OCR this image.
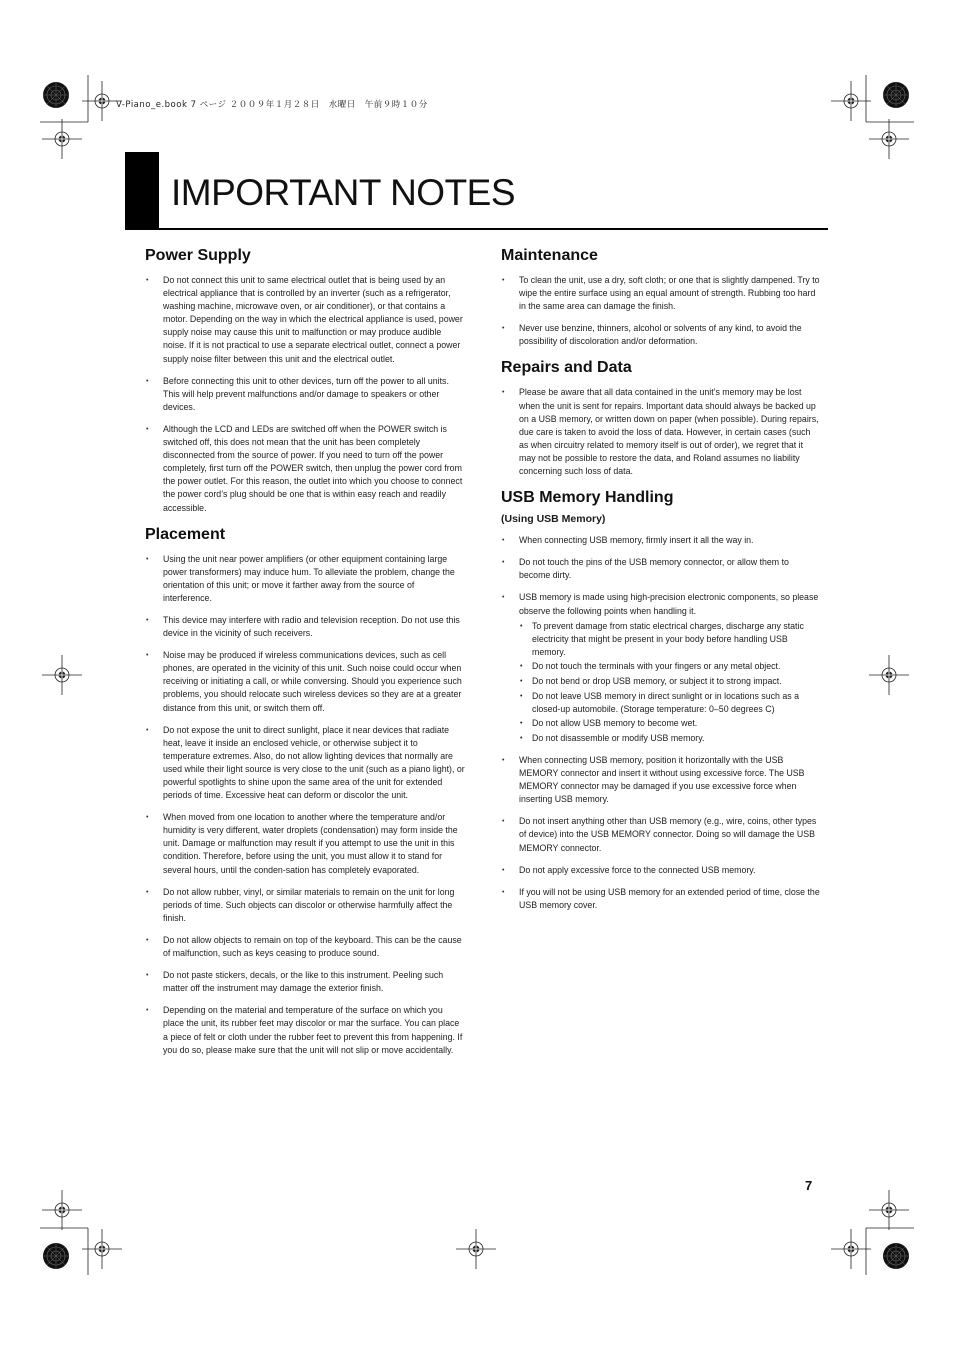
V-Piano_e.book 7 ページ ２００９年１月２８日　水曜日　午前９時１０分
IMPORTANT NOTES
Power Supply
• Do not connect this unit to same electrical outlet that is being used by an electrical appliance that is controlled by an inverter (such as a refrigerator, washing machine, microwave oven, or air conditioner), or that contains a motor. Depending on the way in which the electrical appliance is used, power supply noise may cause this unit to malfunction or may produce audible noise. If it is not practical to use a separate electrical outlet, connect a power supply noise filter between this unit and the electrical outlet.
• Before connecting this unit to other devices, turn off the power to all units. This will help prevent malfunctions and/or damage to speakers or other devices.
• Although the LCD and LEDs are switched off when the POWER switch is switched off, this does not mean that the unit has been completely disconnected from the source of power. If you need to turn off the power completely, first turn off the POWER switch, then unplug the power cord from the power outlet. For this reason, the outlet into which you choose to connect the power cord’s plug should be one that is within easy reach and readily accessible.
Placement
• Using the unit near power amplifiers (or other equipment containing large power transformers) may induce hum. To alleviate the problem, change the orientation of this unit; or move it farther away from the source of interference.
• This device may interfere with radio and television reception. Do not use this device in the vicinity of such receivers.
• Noise may be produced if wireless communications devices, such as cell phones, are operated in the vicinity of this unit. Such noise could occur when receiving or initiating a call, or while conversing. Should you experience such problems, you should relocate such wireless devices so they are at a greater distance from this unit, or switch them off.
• Do not expose the unit to direct sunlight, place it near devices that radiate heat, leave it inside an enclosed vehicle, or otherwise subject it to temperature extremes. Also, do not allow lighting devices that normally are used while their light source is very close to the unit (such as a piano light), or powerful spotlights to shine upon the same area of the unit for extended periods of time. Excessive heat can deform or discolor the unit.
• When moved from one location to another where the temperature and/or humidity is very different, water droplets (condensation) may form inside the unit. Damage or malfunction may result if you attempt to use the unit in this condition. Therefore, before using the unit, you must allow it to stand for several hours, until the conden-sation has completely evaporated.
• Do not allow rubber, vinyl, or similar materials to remain on the unit for long periods of time. Such objects can discolor or otherwise harmfully affect the finish.
• Do not allow objects to remain on top of the keyboard. This can be the cause of malfunction, such as keys ceasing to produce sound.
• Do not paste stickers, decals, or the like to this instrument. Peeling such matter off the instrument may damage the exterior finish.
• Depending on the material and temperature of the surface on which you place the unit, its rubber feet may discolor or mar the surface. You can place a piece of felt or cloth under the rubber feet to prevent this from happening. If you do so, please make sure that the unit will not slip or move accidentally.
Maintenance
• To clean the unit, use a dry, soft cloth; or one that is slightly dampened. Try to wipe the entire surface using an equal amount of strength. Rubbing too hard in the same area can damage the finish.
• Never use benzine, thinners, alcohol or solvents of any kind, to avoid the possibility of discoloration and/or deformation.
Repairs and Data
• Please be aware that all data contained in the unit’s memory may be lost when the unit is sent for repairs. Important data should always be backed up on a USB memory, or written down on paper (when possible). During repairs, due care is taken to avoid the loss of data. However, in certain cases (such as when circuitry related to memory itself is out of order), we regret that it may not be possible to restore the data, and Roland assumes no liability concerning such loss of data.
USB Memory Handling
(Using USB Memory)
• When connecting USB memory, firmly insert it all the way in.
• Do not touch the pins of the USB memory connector, or allow them to become dirty.
• USB memory is made using high-precision electronic components, so please observe the following points when handling it.
• To prevent damage from static electrical charges, discharge any static electricity that might be present in your body before handling USB memory.
• Do not touch the terminals with your fingers or any metal object.
• Do not bend or drop USB memory, or subject it to strong impact.
• Do not leave USB memory in direct sunlight or in locations such as a closed-up automobile. (Storage temperature: 0–50 degrees C)
• Do not allow USB memory to become wet.
• Do not disassemble or modify USB memory.
• When connecting USB memory, position it horizontally with the USB MEMORY connector and insert it without using excessive force. The USB MEMORY connector may be damaged if you use excessive force when inserting USB memory.
• Do not insert anything other than USB memory (e.g., wire, coins, other types of device) into the USB MEMORY connector. Doing so will damage the USB MEMORY connector.
• Do not apply excessive force to the connected USB memory.
• If you will not be using USB memory for an extended period of time, close the USB memory cover.
7
